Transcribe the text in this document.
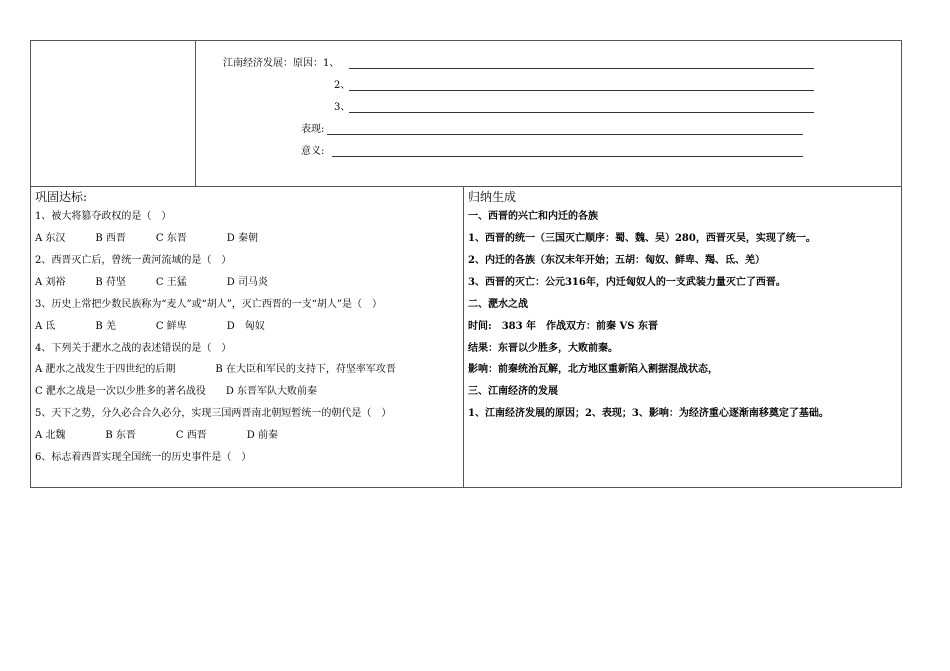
江南经济发展：原因：1、
2、
3、
表现:
意义:
巩固达标:
1、被大将篡夺政权的是（　）
A 东汉　　　B 西晋　　　C 东晋　　　　D 秦朝
2、西晋灭亡后，曾统一黄河流域的是（　）
A 刘裕　　　B 苻坚　　　C 王猛　　　　D 司马炎
3、历史上常把少数民族称为“麦人”或“胡人”，灭亡西晋的一支“胡人”是（　）
A 氐　　　　B 羌　　　　C 鲜卑　　　　D　匈奴
4、下列关于淝水之战的表述错误的是（　）
A 淝水之战发生于四世纪的后期　　　　B 在大臣和军民的支持下，苻坚率军攻晋
C 淝水之战是一次以少胜多的著名战役　　D 东晋军队大败前秦
5、天下之势，分久必合合久必分，实现三国两晋南北朝短暂统一的朝代是（　）
A 北魏　　　　B 东晋　　　　C 西晋　　　　D 前秦
6、标志着西晋实现全国统一的历史事件是（　）
归纳生成
一、西晋的兴亡和内迁的各族
1、西晋的统一（三国灭亡顺序：蜀、魏、吴）280，西晋灭吴，实现了统一。
2、内迁的各族（东汉末年开始；五胡：匈奴、鲜卑、羯、氐、羌）
3、西晋的灭亡：公元316年，内迁匈奴人的一支武装力量灭亡了西晋。
二、淝水之战
时间:　383 年　作战双方：前秦 VS 东晋
结果：东晋以少胜多，大败前秦。
影响：前秦统治瓦解，北方地区重新陷入割据混战状态，
三、江南经济的发展
1、江南经济发展的原因；2、表现；3、影响：为经济重心逐渐南移奠定了基础。
